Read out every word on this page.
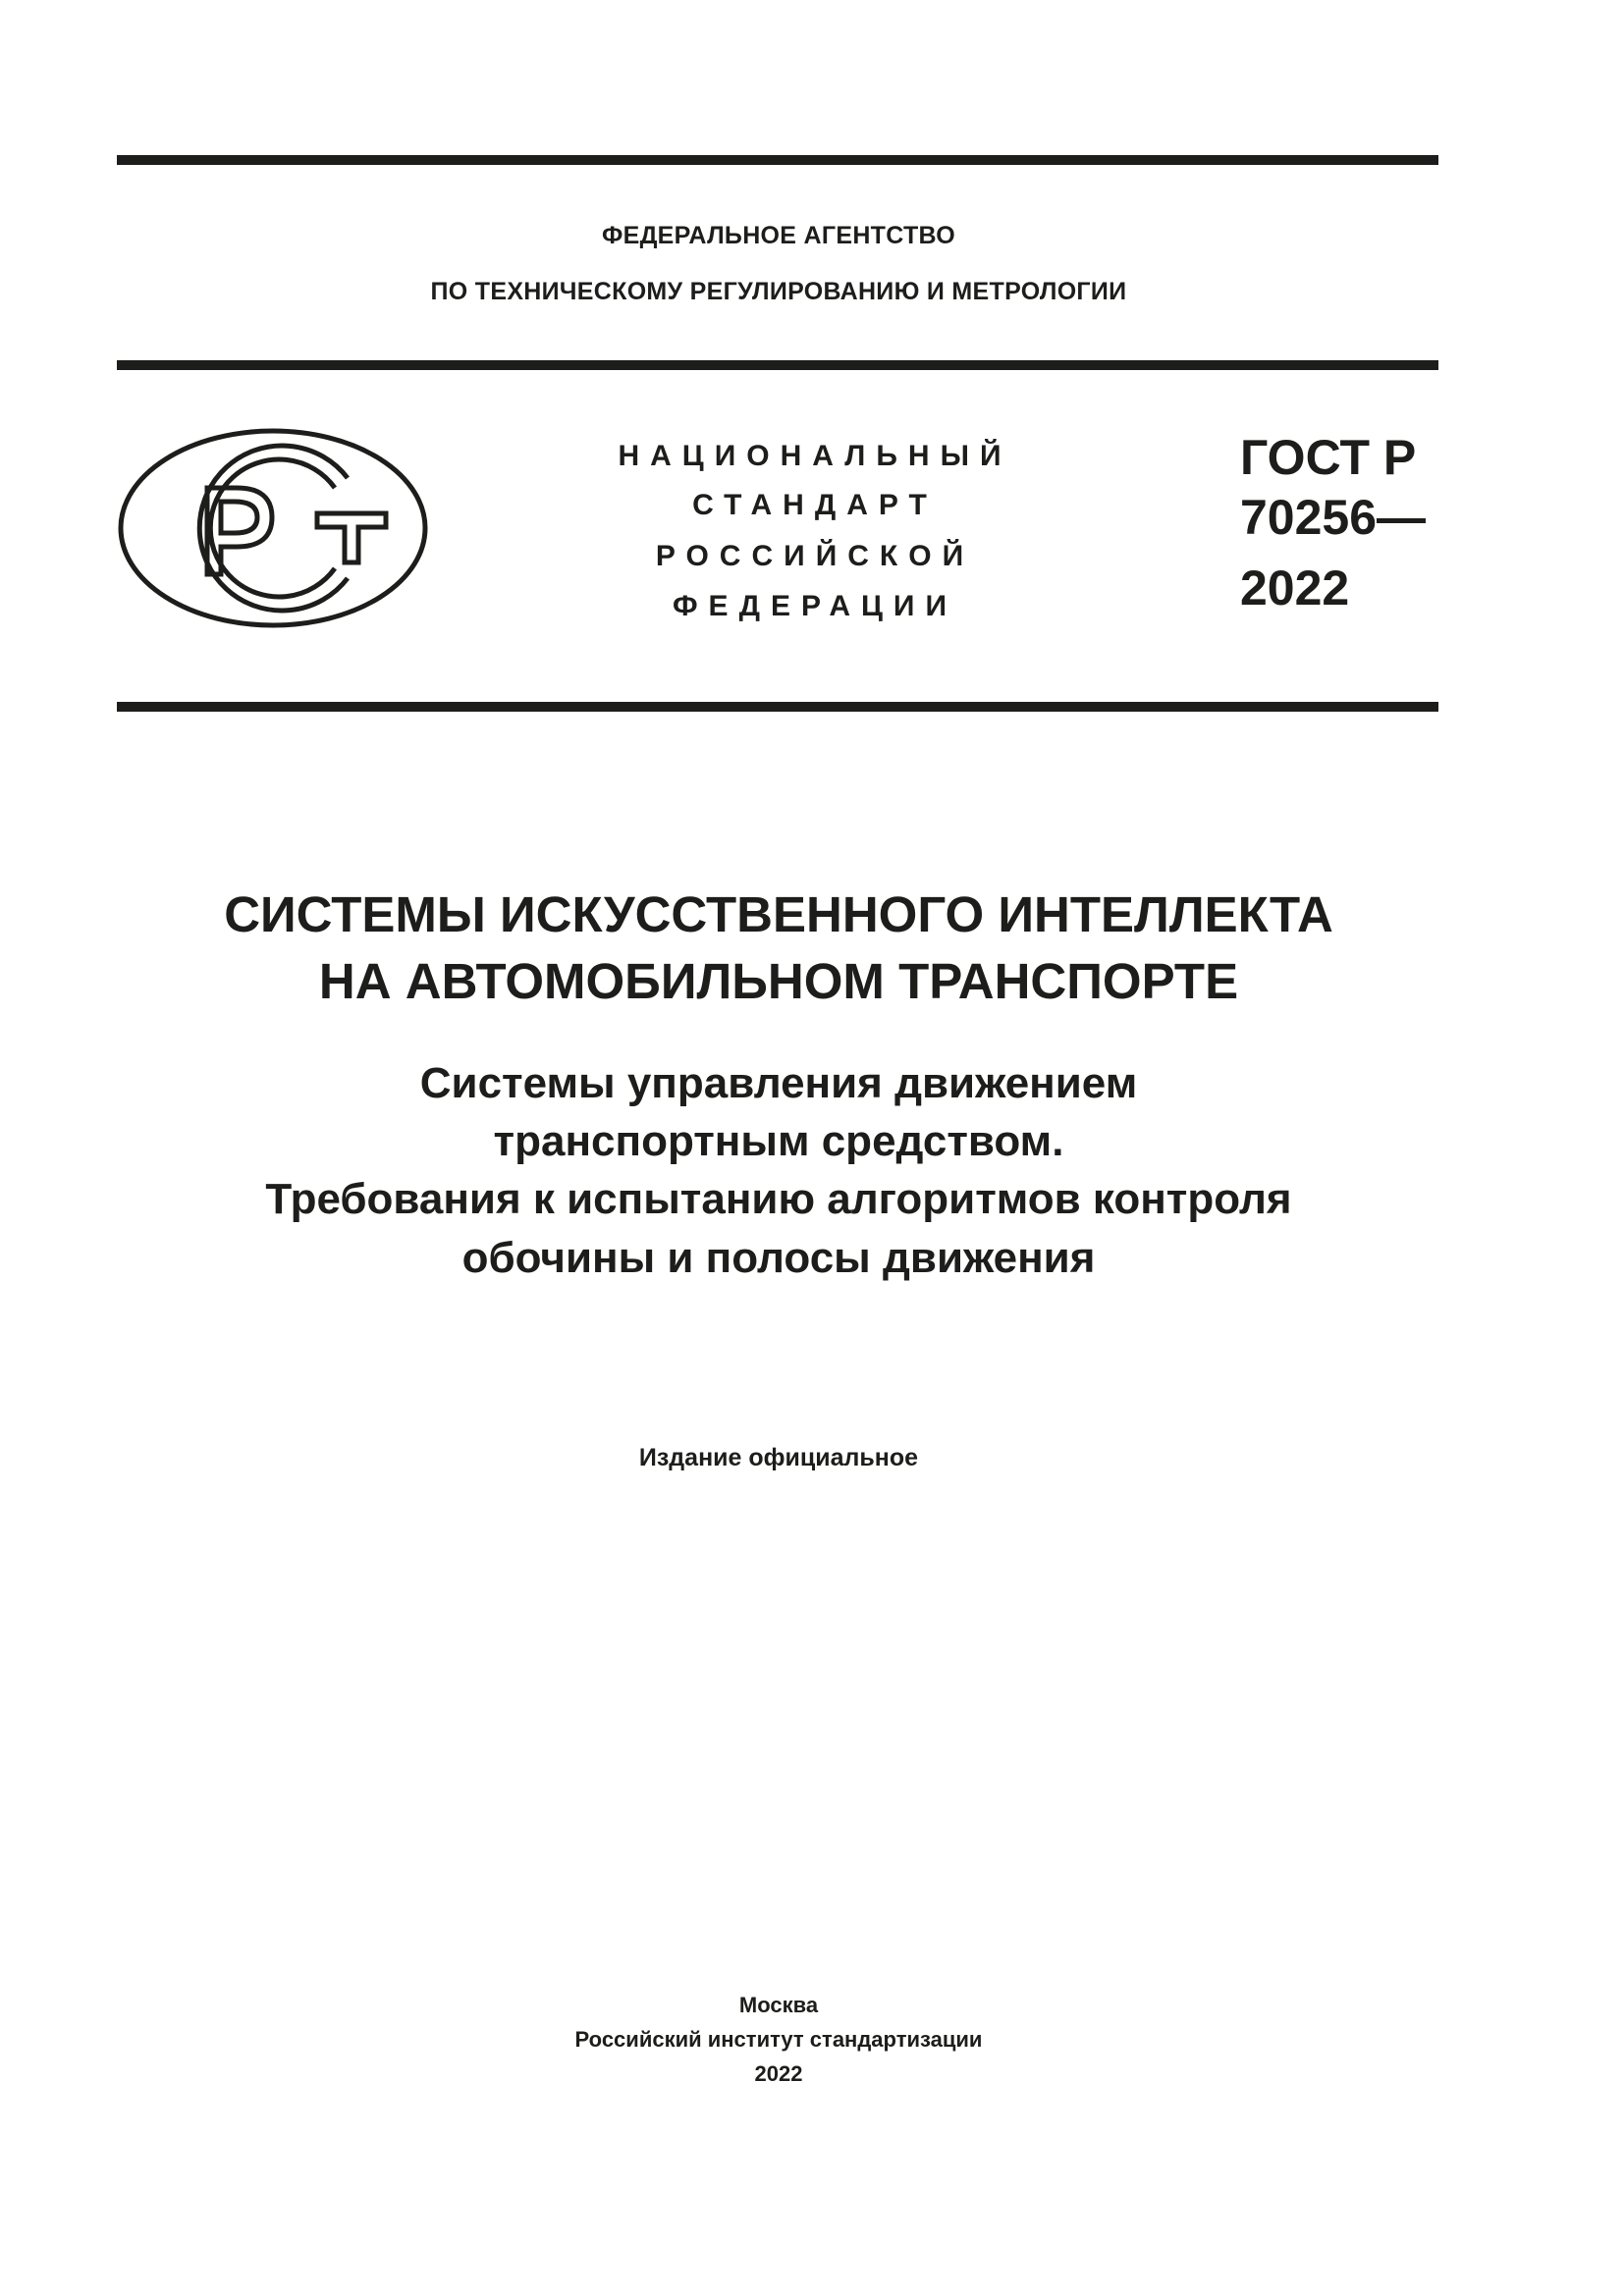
ФЕДЕРАЛЬНОЕ АГЕНТСТВО
ПО ТЕХНИЧЕСКОМУ РЕГУЛИРОВАНИЮ И МЕТРОЛОГИИ
НАЦИОНАЛЬНЫЙ
СТАНДАРТ
РОССИЙСКОЙ
ФЕДЕРАЦИИ
ГОСТ Р
70256—
2022
СИСТЕМЫ ИСКУССТВЕННОГО ИНТЕЛЛЕКТА
НА АВТОМОБИЛЬНОМ ТРАНСПОРТЕ
Системы управления движением
транспортным средством.
Требования к испытанию алгоритмов контроля
обочины и полосы движения
Издание официальное
Москва
Российский институт стандартизации
2022
